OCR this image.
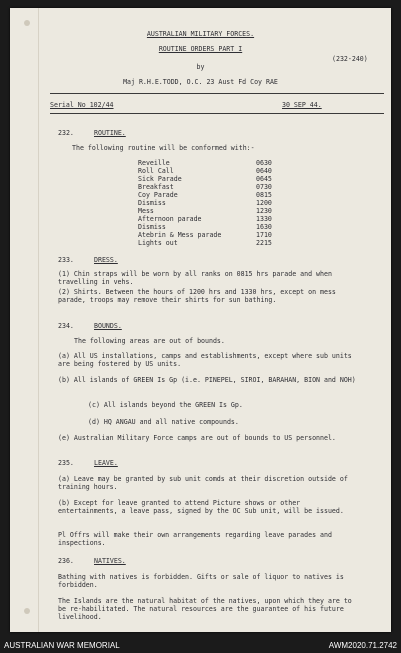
AUSTRALIAN MILITARY FORCES.
ROUTINE ORDERS PART I
(232-240)
by
Maj R.H.E.TODD, O.C. 23 Aust Fd Coy RAE
Serial No 102/44	30 SEP 44.
232.	ROUTINE.
The following routine will be conformed with:-
Reveille	0630
Roll Call	0640
Sick Parade	0645
Breakfast	0730
Coy Parade	0815
Dismiss	1200
Mess	1230
Afternoon parade	1330
Dismiss	1630
Atebrin & Mess parade	1710
Lights out	2215
233.	DRESS.
(1) Chin straps will be worn by all ranks on 0815 hrs parade and when travelling in vehs.
(2) Shirts. Between the hours of 1200 hrs and 1330 hrs, except on mess parade, troops may remove their shirts for sun bathing.
234.	BOUNDS.
The following areas are out of bounds.
(a) All US installations, camps and establishments, except where sub units are being fostered by US units.
(b) All islands of GREEN Is Gp (i.e. PINEPEL, SIROI, BARAHAN, BION and NOH)
(c) All islands beyond the GREEN Is Gp.
(d) HQ ANGAU and all native compounds.
(e) Australian Military Force camps are out of bounds to US personnel.
235.	LEAVE.
(a) Leave may be granted by sub unit comds at their discretion outside of training hours.
(b) Except for leave granted to attend Picture shows or other entertainments, a leave pass, signed by the OC Sub unit, will be issued.
Pl Offrs will make their own arrangements regarding leave parades and inspections.
236.	NATIVES.
Bathing with natives is forbidden. Gifts or sale of liquor to natives is forbidden.
The Islands are the natural habitat of the natives, upon which they are to be re-habilitated. The natural resources are the guarantee of his future livelihood.
AUSTRALIAN WAR MEMORIAL	AWM2020.71.2742
